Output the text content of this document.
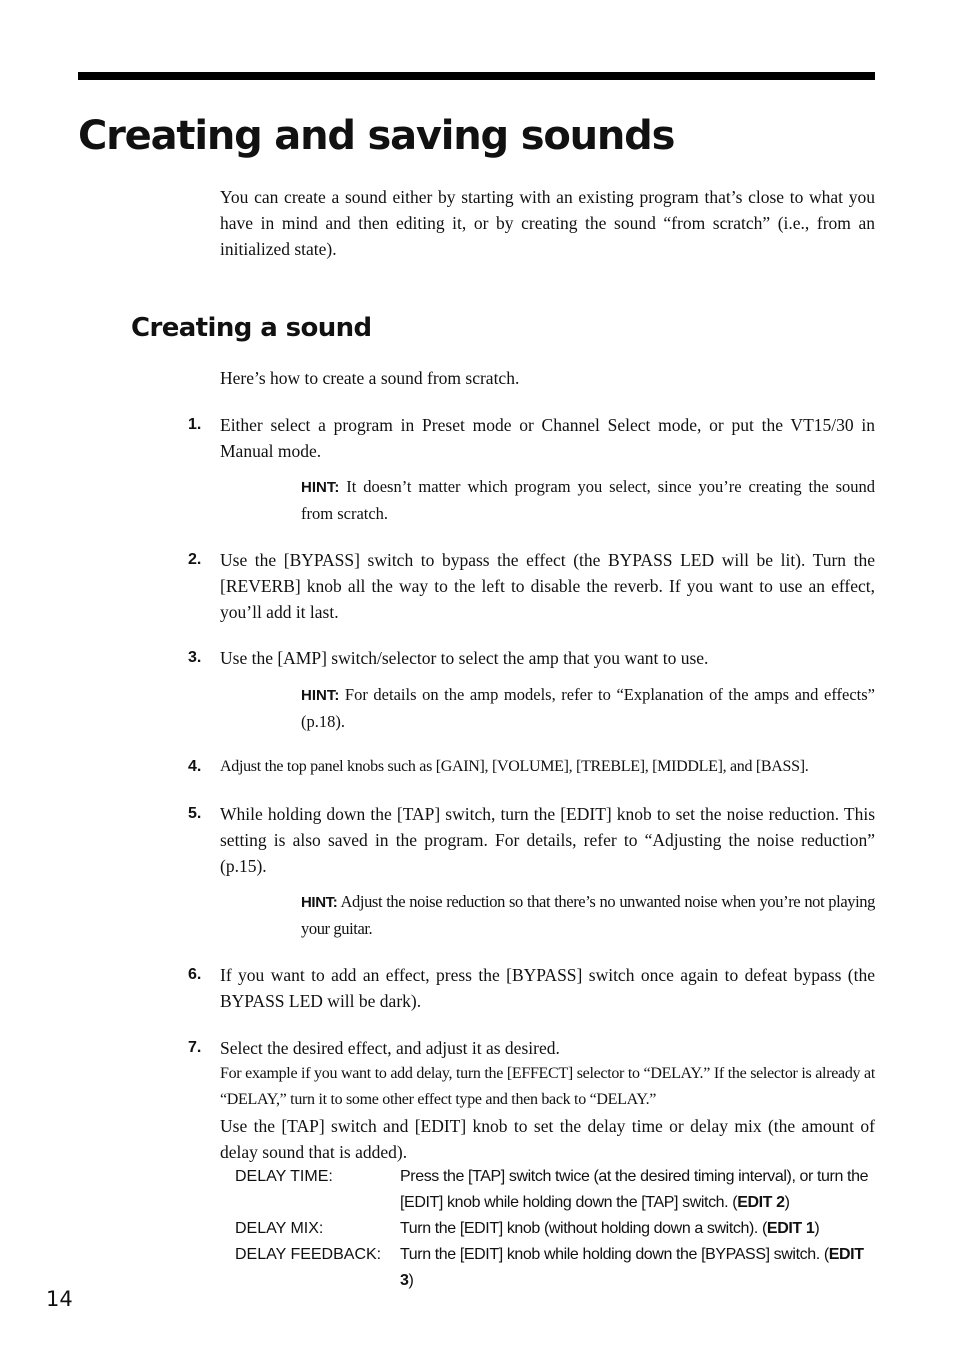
Creating and saving sounds

You can create a sound either by starting with an existing program that’s close to what you have in mind and then editing it, or by creating the sound “from scratch” (i.e., from an initialized state).

Creating a sound

Here’s how to create a sound from scratch.

1. Either select a program in Preset mode or Channel Select mode, or put the VT15/30 in Manual mode.

HINT: It doesn’t matter which program you select, since you’re creating the sound from scratch.

2. Use the [BYPASS] switch to bypass the effect (the BYPASS LED will be lit). Turn the [REVERB] knob all the way to the left to disable the reverb. If you want to use an effect, you’ll add it last.

3. Use the [AMP] switch/selector to select the amp that you want to use.

HINT: For details on the amp models, refer to “Explanation of the amps and effects” (p.18).

4. Adjust the top panel knobs such as [GAIN], [VOLUME], [TREBLE], [MIDDLE], and [BASS].

5. While holding down the [TAP] switch, turn the [EDIT] knob to set the noise reduction. This setting is also saved in the program. For details, refer to “Adjusting the noise reduction” (p.15).

HINT: Adjust the noise reduction so that there’s no unwanted noise when you’re not playing your guitar.

6. If you want to add an effect, press the [BYPASS] switch once again to defeat bypass (the BYPASS LED will be dark).

7. Select the desired effect, and adjust it as desired.

For example if you want to add delay, turn the [EFFECT] selector to “DELAY.” If the selector is already at “DELAY,” turn it to some other effect type and then back to “DELAY.”

Use the [TAP] switch and [EDIT] knob to set the delay time or delay mix (the amount of delay sound that is added).

DELAY TIME:	Press the [TAP] switch twice (at the desired timing interval), or turn the [EDIT] knob while holding down the [TAP] switch. (EDIT 2)
DELAY MIX:	Turn the [EDIT] knob (without holding down a switch). (EDIT 1)
DELAY FEEDBACK:	Turn the [EDIT] knob while holding down the [BYPASS] switch. (EDIT 3)
14
